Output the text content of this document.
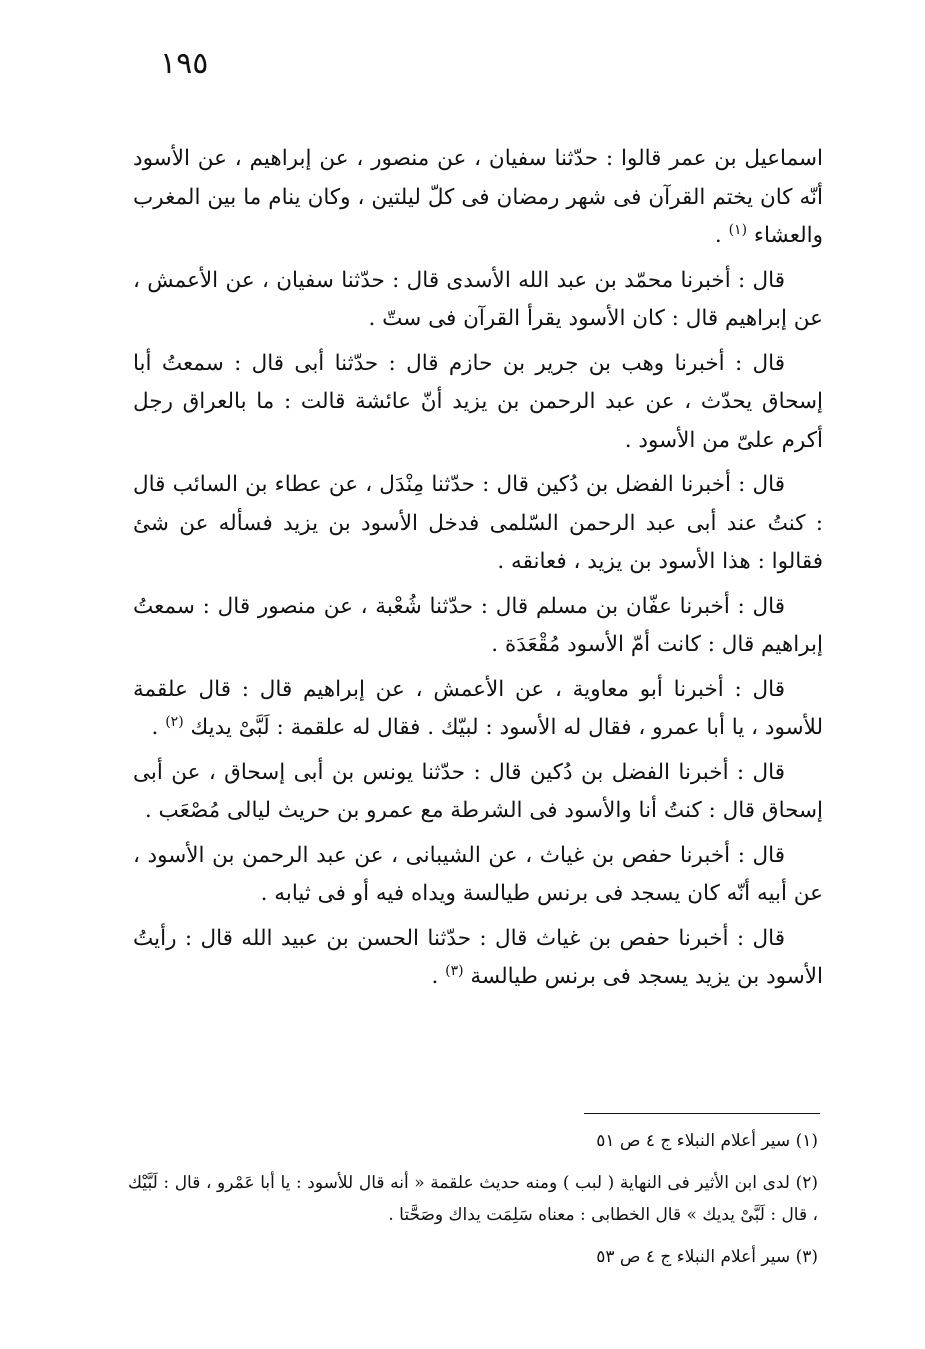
١٩٥

اسماعيل بن عمر قالوا : حدّثنا سفيان ، عن منصور ، عن إبراهيم ، عن الأسود أنّه كان يختم القرآن فى شهر رمضان فى كلّ ليلتين ، وكان ينام ما بين المغرب والعشاء $^{(١)}$ .

قال : أخبرنا محمّد بن عبد الله الأسدى قال : حدّثنا سفيان ، عن الأعمش ، عن إبراهيم قال : كان الأسود يقرأ القرآن فى ستّ .

قال : أخبرنا وهب بن جرير بن حازم قال : حدّثنا أبى قال : سمعتُ أبا إسحاق يحدّث ، عن عبد الرحمن بن يزيد أنّ عائشة قالت : ما بالعراق رجل أكرم علىّ من الأسود .

قال : أخبرنا الفضل بن دُكين قال : حدّثنا مِنْدَل ، عن عطاء بن السائب قال : كنتُ عند أبى عبد الرحمن السّلمى فدخل الأسود بن يزيد فسأله عن شئ فقالوا : هذا الأسود بن يزيد ، فعانقه .

قال : أخبرنا عفّان بن مسلم قال : حدّثنا شُعْبة ، عن منصور قال : سمعتُ إبراهيم قال : كانت أمّ الأسود مُقْعَدَة .

قال : أخبرنا أبو معاوية ، عن الأعمش ، عن إبراهيم قال : قال علقمة للأسود ، يا أبا عمرو ، فقال له الأسود : لبيّك . فقال له علقمة : لَبَّىْ يديك $^{(٢)}$ .

قال : أخبرنا الفضل بن دُكين قال : حدّثنا يونس بن أبى إسحاق ، عن أبى إسحاق قال : كنتُ أنا والأسود فى الشرطة مع عمرو بن حريث ليالى مُصْعَب .

قال : أخبرنا حفص بن غياث ، عن الشيبانى ، عن عبد الرحمن بن الأسود ، عن أبيه أنّه كان يسجد فى برنس طيالسة ويداه فيه أو فى ثيابه .

قال : أخبرنا حفص بن غياث قال : حدّثنا الحسن بن عبيد الله قال : رأيتُ الأسود بن يزيد يسجد فى برنس طيالسة $^{(٣)}$ .

(١) سير أعلام النبلاء ج ٤ ص ٥١

(٢) لدى ابن الأثير فى النهاية ( لبب ) ومنه حديث علقمة « أنه قال للأسود : يا أبا عَمْرو ، قال : لَبَّيْك ، قال : لَبَّىْ يديك » قال الخطابى : معناه سَلِمَت يداك وصَحَّتا .

(٣) سير أعلام النبلاء ج ٤ ص ٥٣
